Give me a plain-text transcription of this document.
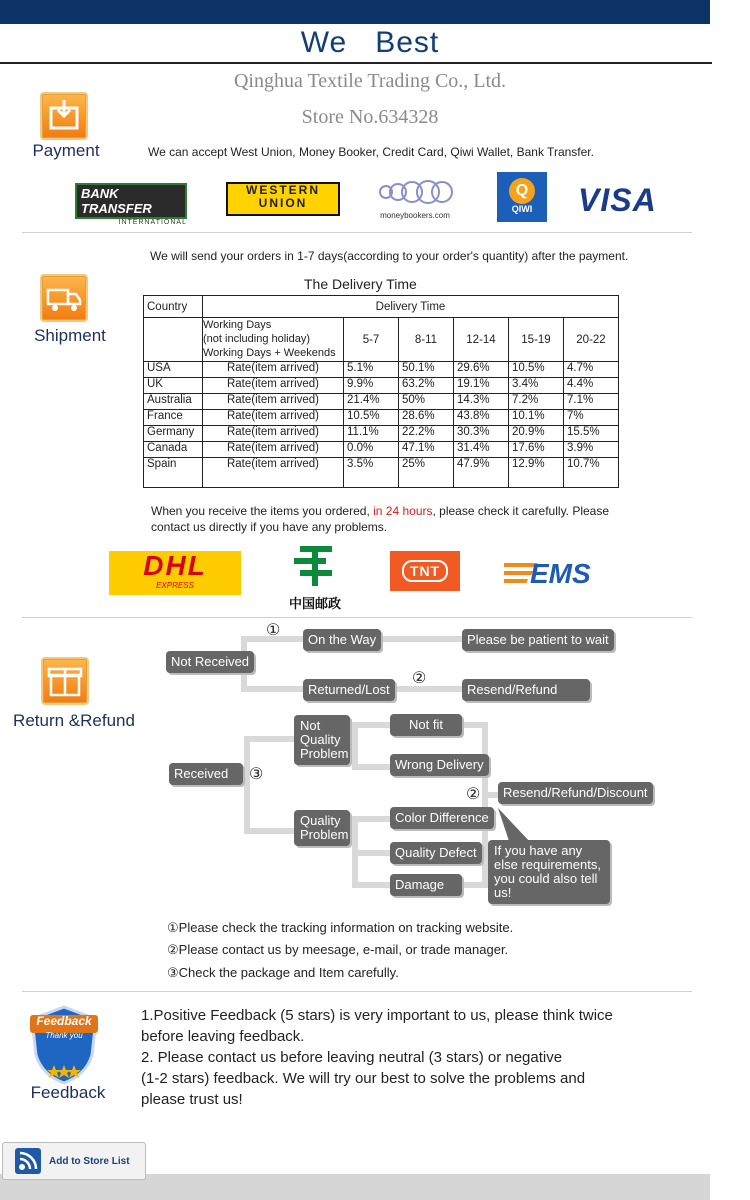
We Best
Qinghua Textile Trading Co., Ltd.
Store No.634328
Payment	We can accept West Union, Money Booker, Credit Card, Qiwi Wallet, Bank Transfer.
BANK TRANSFER
INTERNATIONAL
WESTERN
UNION
moneybookers.com
Q
QIWI	VISA
Shipment
We will send your orders in 1-7 days(according to your order's quantity) after the payment.
The Delivery Time
Country	Delivery Time					

	Working Days
(not including holiday)
Working Days + Weekends	5-7	8-11	12-14	15-19	20-22
USA	Rate(item arrived)	5.1%	50.1%	29.6%	10.5%	4.7%
UK	Rate(item arrived)	9.9%	63.2%	19.1%	3.4%	4.4%
Australia	Rate(item arrived)	21.4%	50%	14.3%	7.2%	7.1%
France	Rate(item arrived)	10.5%	28.6%	43.8%	10.1%	7%
Germany	Rate(item arrived)	11.1%	22.2%	30.3%	20.9%	15.5%
Canada	Rate(item arrived)	0.0%	47.1%	31.4%	17.6%	3.9%
Spain	Rate(item arrived)	3.5%	25%	47.9%	12.9%	10.7%
When you receive the items you ordered, in 24 hours, please check it carefully. Please
contact us directly if you have any problems.
DHL
EXPRESS
中国邮政
TNT	EMS
Return &Refund
Not Received
①
On the Way	Please be patient to wait
Returned/Lost
②
Resend/Refund
Received	③
Not Quality Problem
Quality Problem
Not fit
Wrong Delivery
Color Difference
Quality Defect
Damage
②	Resend/Refund/Discount
If you have any else requirements, you could also tell us!
①Please check the tracking information on tracking website.
②Please contact us by meesage, e-mail, or trade manager.
③Check the package and Item carefully.
Feedback
Thank you
Feedback
1.Positive Feedback (5 stars) is very important to us, please think twice
before leaving feedback.
2. Please contact us before leaving neutral (3 stars) or negative
(1-2 stars) feedback. We will try our best to solve the problems and
please trust us!
Add to Store List
